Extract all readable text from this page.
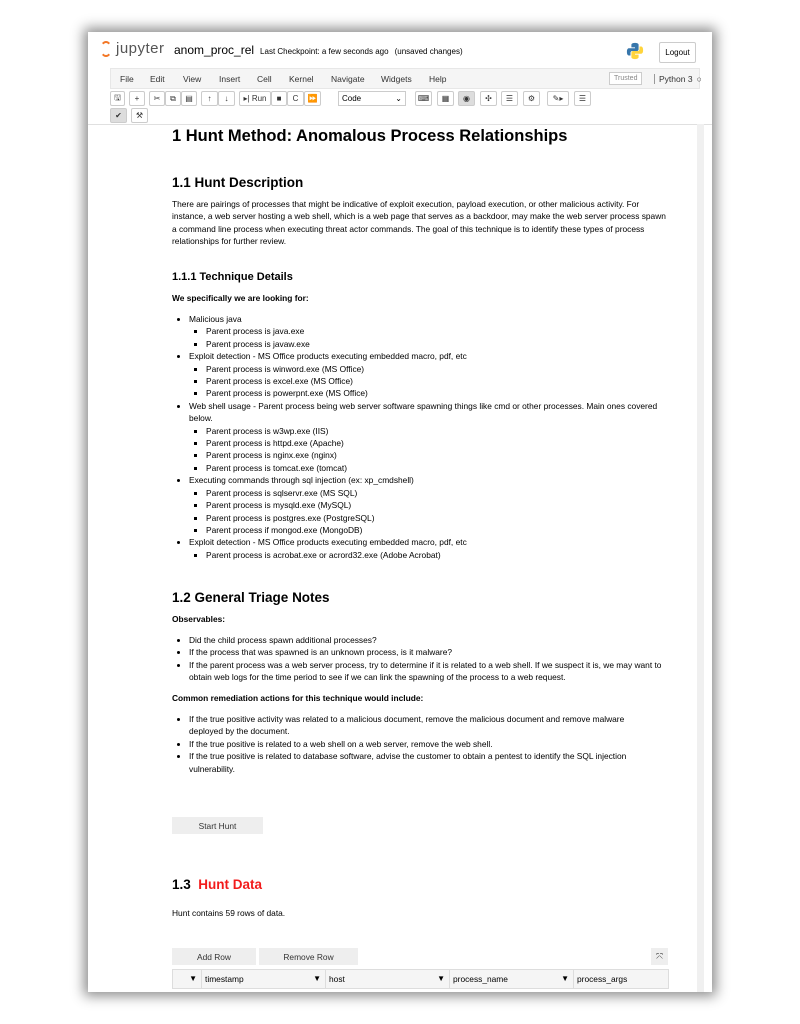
jupyter anom_proc_rel Last Checkpoint: a few seconds ago (unsaved changes)	Logout
File Edit View Insert Cell Kernel Navigate Widgets Help	Trusted	Python 3 ○
🖫	+	✂	⧉	▤	↑	↓	▸| Run	■	C	⏩	Code	⌄	⌨	▦	◉	✣	☰	⚙	✎▸	☰
✔	⚒
1 Hunt Method: Anomalous Process Relationships
1.1 Hunt Description

There are pairings of processes that might be indicative of exploit execution, payload execution, or other malicious activity. For instance, a web server hosting a web shell, which is a web page that serves as a backdoor, may make the web server process spawn a command line process when executing threat actor commands. The goal of this technique is to identify these types of process relationships for further review.

1.1.1 Technique Details

We specifically we are looking for:

• Malicious java
▪ Parent process is java.exe
▪ Parent process is javaw.exe
• Exploit detection - MS Office products executing embedded macro, pdf, etc
▪ Parent process is winword.exe (MS Office)
▪ Parent process is excel.exe (MS Office)
▪ Parent process is powerpnt.exe (MS Office)
• Web shell usage - Parent process being web server software spawning things like cmd or other processes. Main ones covered below.
▪ Parent process is w3wp.exe (IIS)
▪ Parent process is httpd.exe (Apache)
▪ Parent process is nginx.exe (nginx)
▪ Parent process is tomcat.exe (tomcat)
• Executing commands through sql injection (ex: xp_cmdshell)
▪ Parent process is sqlservr.exe (MS SQL)
▪ Parent process is mysqld.exe (MySQL)
▪ Parent process is postgres.exe (PostgreSQL)
▪ Parent process if mongod.exe (MongoDB)
• Exploit detection - MS Office products executing embedded macro, pdf, etc
▪ Parent process is acrobat.exe or acrord32.exe (Adobe Acrobat)
1.2 General Triage Notes

Observables:

• Did the child process spawn additional processes?
• If the process that was spawned is an unknown process, is it malware?
• If the parent process was a web server process, try to determine if it is related to a web shell. If we suspect it is, we may want to obtain web logs for the time period to see if we can link the spawning of the process to a web request.

Common remediation actions for this technique would include:

• If the true positive activity was related to a malicious document, remove the malicious document and remove malware deployed by the document.
• If the true positive is related to a web shell on a web server, remove the web shell.
• If the true positive is related to database software, advise the customer to obtain a pentest to identify the SQL injection vulnerability.
Start Hunt
1.3 Hunt Data

Hunt contains 59 rows of data.

Add Row	Remove Row	⤧
▼ timestamp	▼ host	▼ process_name	▼ process_args
